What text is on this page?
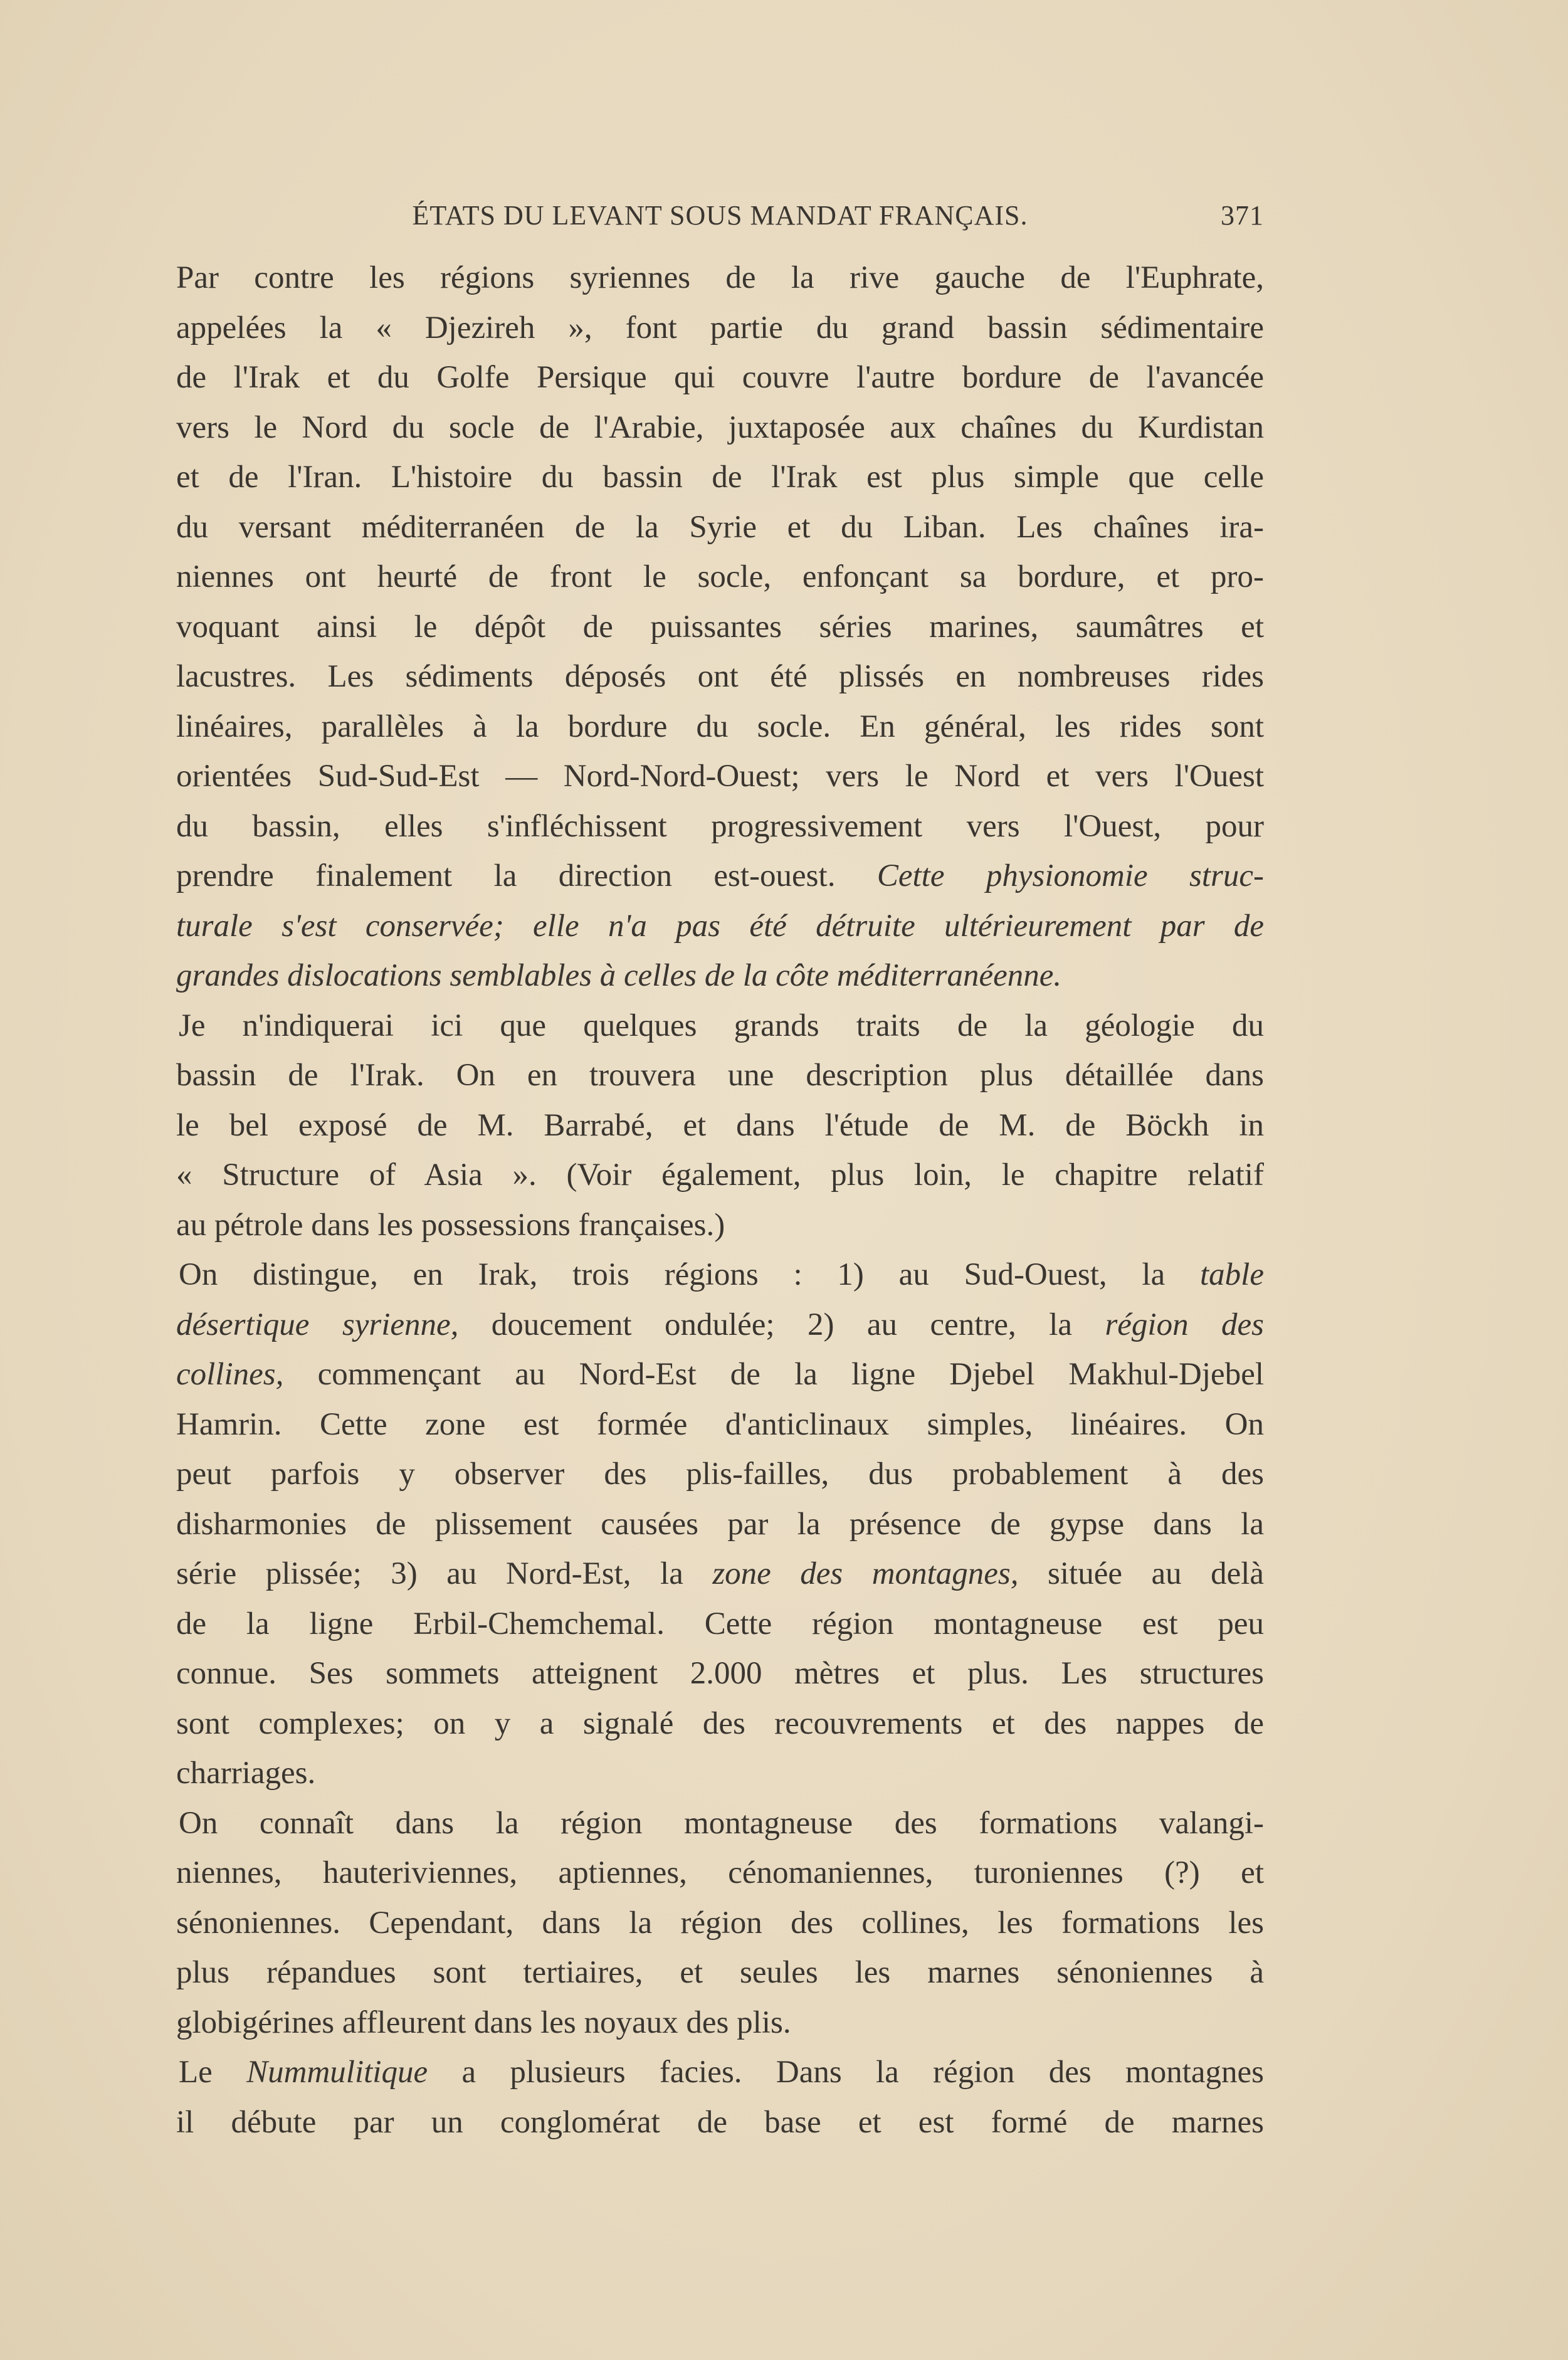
ÉTATS DU LEVANT SOUS MANDAT FRANÇAIS.	371
Par contre les régions syriennes de la rive gauche de l'Euphrate,
appelées la « Djezireh », font partie du grand bassin sédimentaire
de l'Irak et du Golfe Persique qui couvre l'autre bordure de l'avancée
vers le Nord du socle de l'Arabie, juxtaposée aux chaînes du Kurdistan
et de l'Iran. L'histoire du bassin de l'Irak est plus simple que celle
du versant méditerranéen de la Syrie et du Liban. Les chaînes ira-
niennes ont heurté de front le socle, enfonçant sa bordure, et pro-
voquant ainsi le dépôt de puissantes séries marines, saumâtres et
lacustres. Les sédiments déposés ont été plissés en nombreuses rides
linéaires, parallèles à la bordure du socle. En général, les rides sont
orientées Sud-Sud-Est — Nord-Nord-Ouest; vers le Nord et vers l'Ouest
du bassin, elles s'infléchissent progressivement vers l'Ouest, pour
prendre finalement la direction est-ouest. Cette physionomie struc-
turale s'est conservée; elle n'a pas été détruite ultérieurement par de
grandes dislocations semblables à celles de la côte méditerranéenne.
Je n'indiquerai ici que quelques grands traits de la géologie du
bassin de l'Irak. On en trouvera une description plus détaillée dans
le bel exposé de M. Barrabé, et dans l'étude de M. de Böckh in
« Structure of Asia ». (Voir également, plus loin, le chapitre relatif
au pétrole dans les possessions françaises.)
On distingue, en Irak, trois régions : 1) au Sud-Ouest, la table
désertique syrienne, doucement ondulée; 2) au centre, la région des
collines, commençant au Nord-Est de la ligne Djebel Makhul-Djebel
Hamrin. Cette zone est formée d'anticlinaux simples, linéaires. On
peut parfois y observer des plis-failles, dus probablement à des
disharmonies de plissement causées par la présence de gypse dans la
série plissée; 3) au Nord-Est, la zone des montagnes, située au delà
de la ligne Erbil-Chemchemal. Cette région montagneuse est peu
connue. Ses sommets atteignent 2.000 mètres et plus. Les structures
sont complexes; on y a signalé des recouvrements et des nappes de
charriages.
On connaît dans la région montagneuse des formations valangi-
niennes, hauteriviennes, aptiennes, cénomaniennes, turoniennes (?) et
sénoniennes. Cependant, dans la région des collines, les formations les
plus répandues sont tertiaires, et seules les marnes sénoniennes à
globigérines affleurent dans les noyaux des plis.
Le Nummulitique a plusieurs facies. Dans la région des montagnes
il débute par un conglomérat de base et est formé de marnes
